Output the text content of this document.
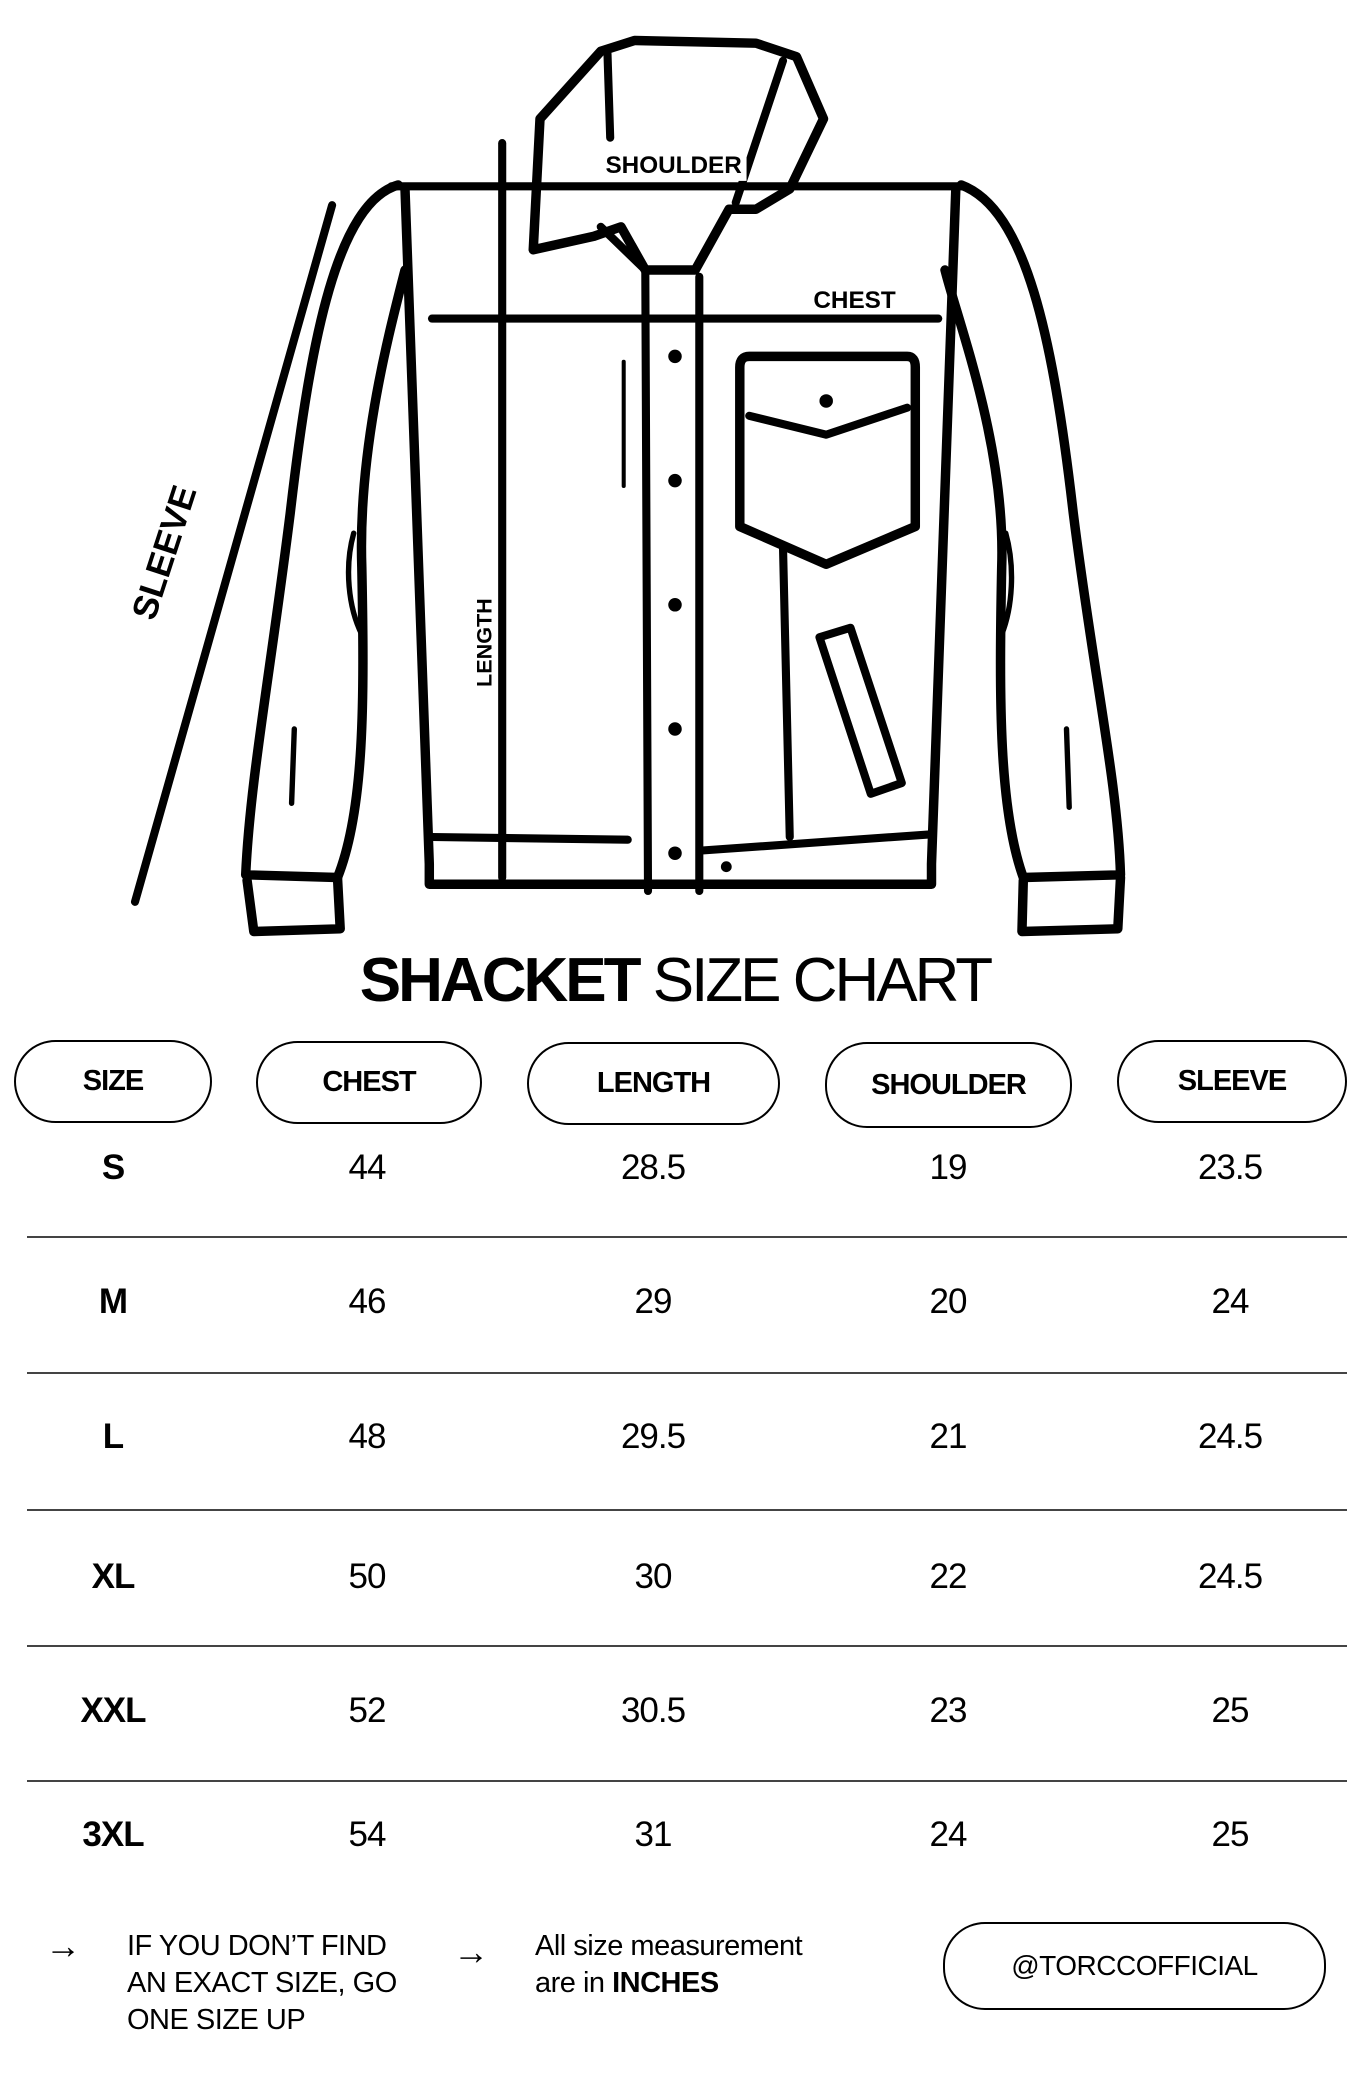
SHOULDER
CHEST
SLEEVE
LENGTH
SHACKET SIZE CHART
SIZE	CHEST	LENGTH	SHOULDER	SLEEVE
S	44	28.5	19	23.5
M	46	29	20	24
L	48	29.5	21	24.5
XL	50	30	22	24.5
XXL	52	30.5	23	25
3XL	54	31	24	25
→ IF YOU DON’T FIND
AN EXACT SIZE, GO
ONE SIZE UP
→ All size measurement
are in INCHES
@TORCCOFFICIAL
